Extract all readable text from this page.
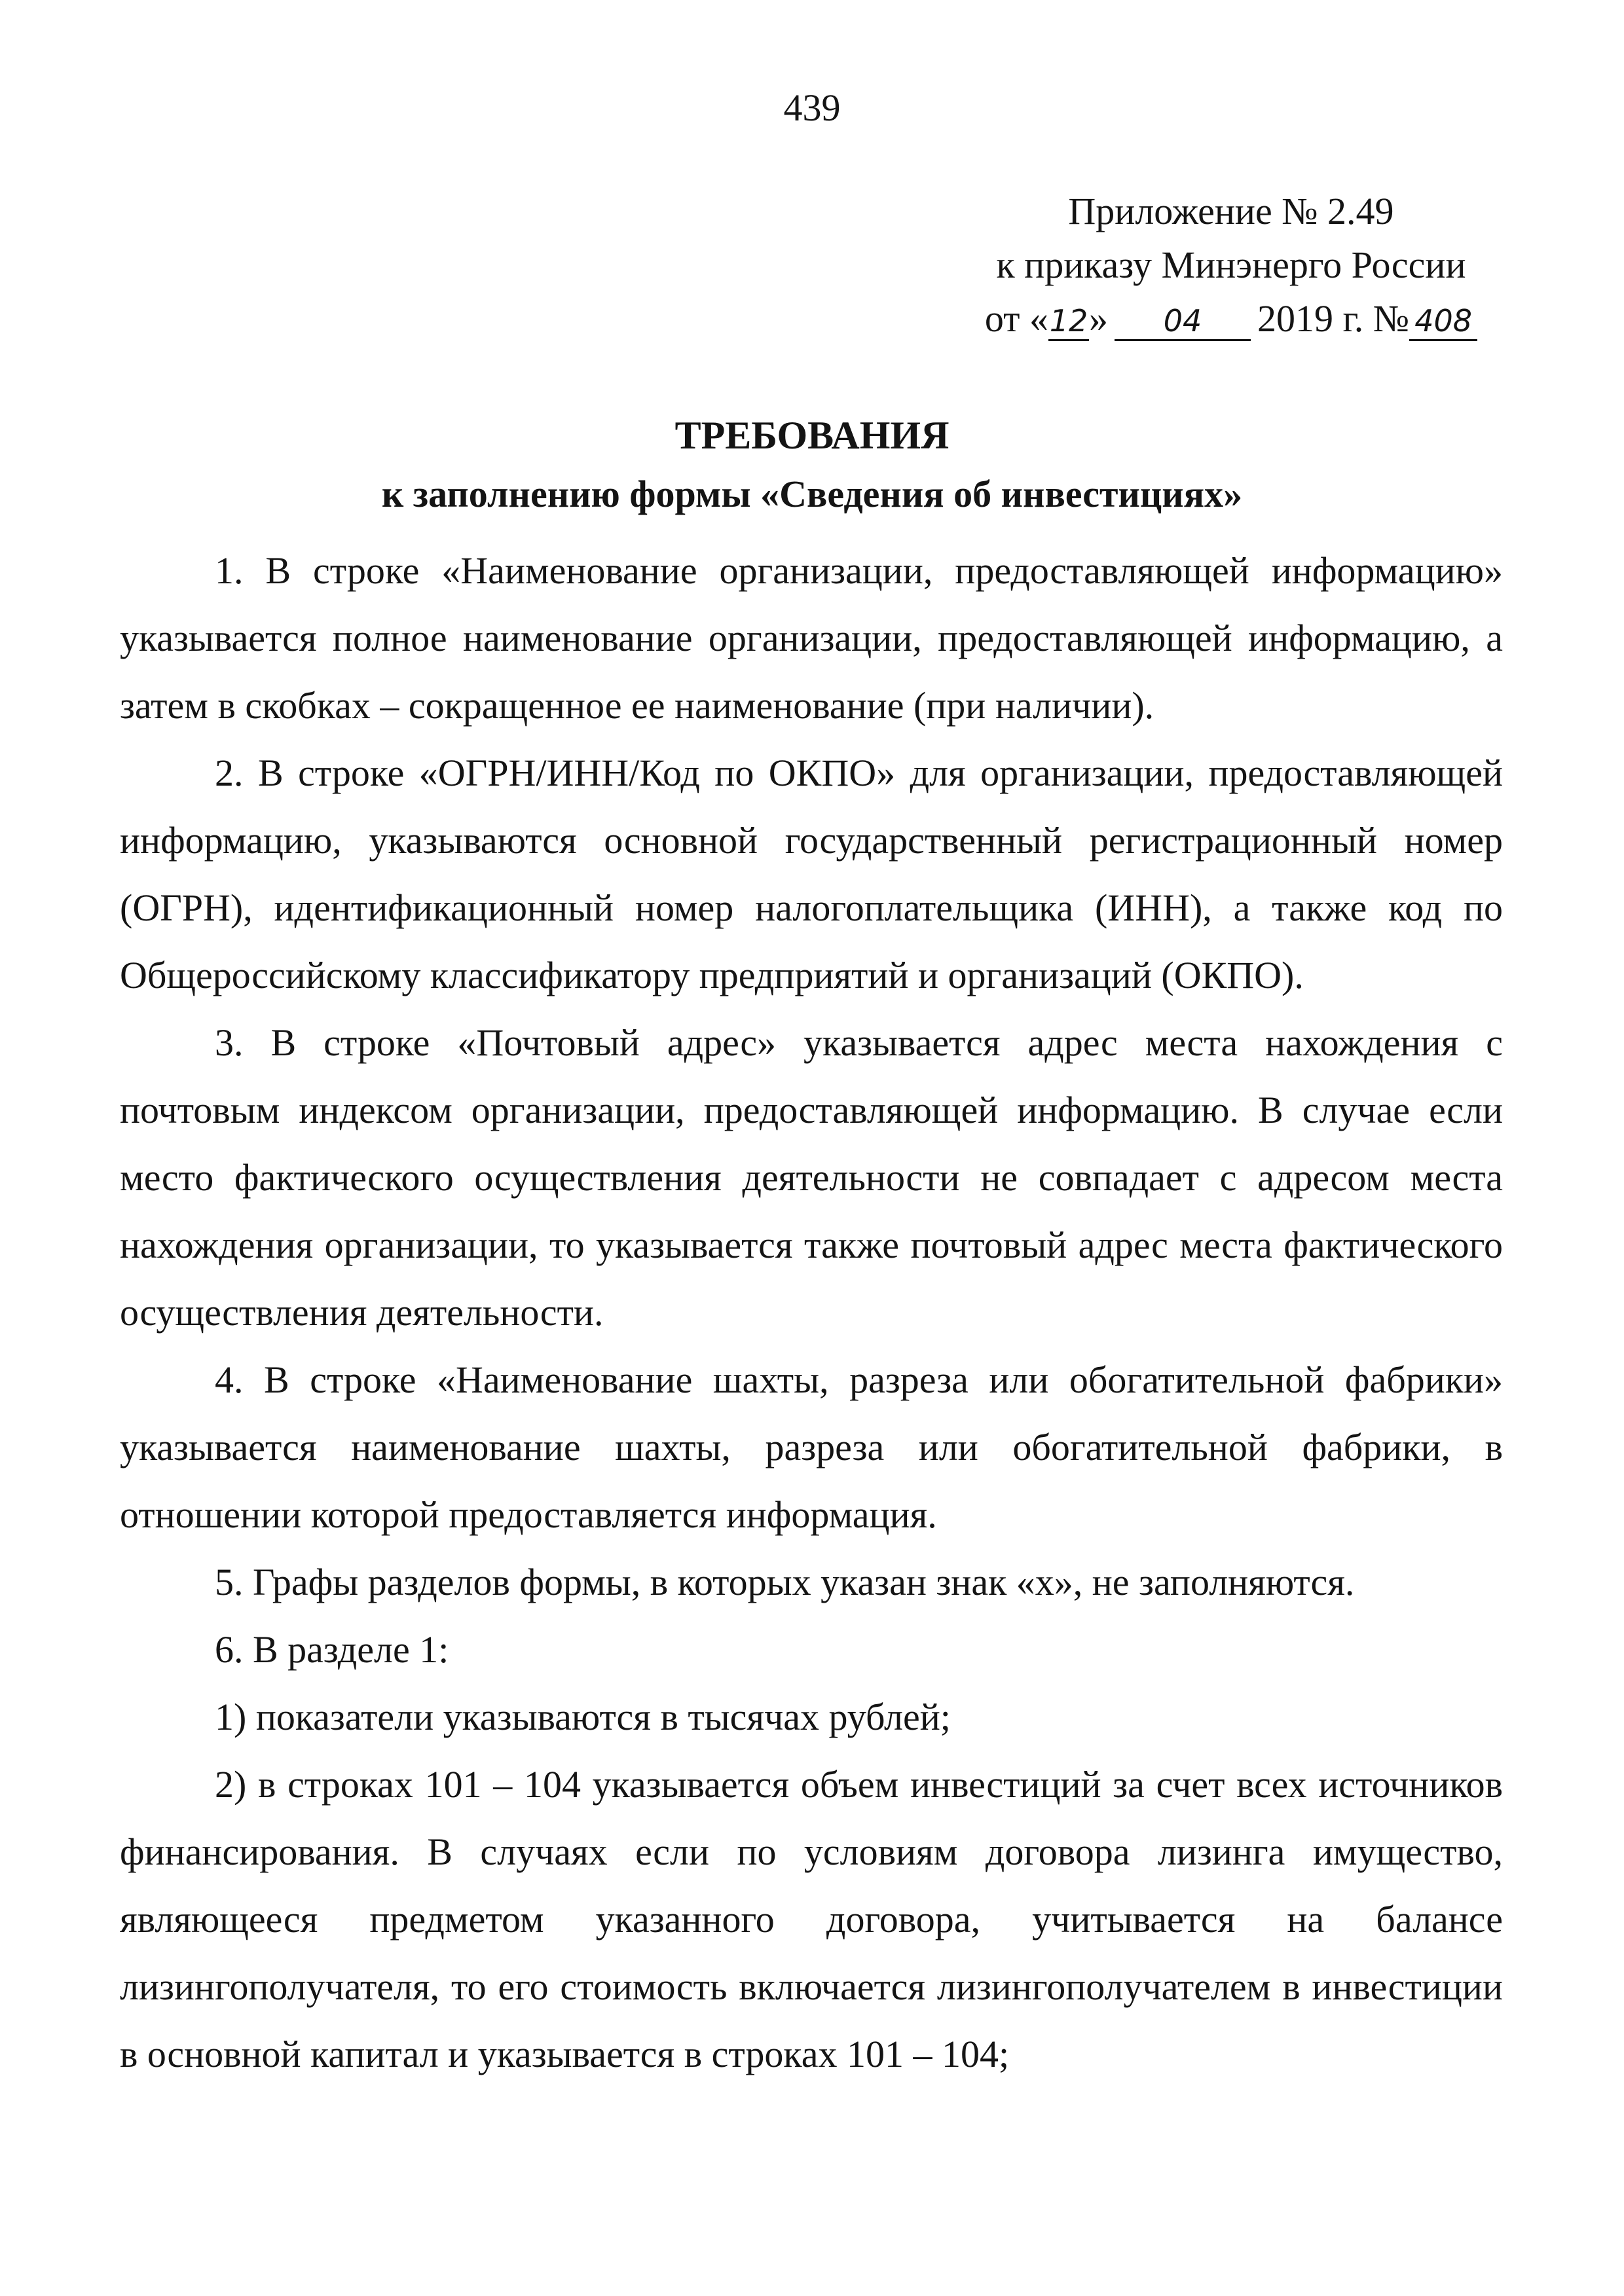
439
Приложение № 2.49
к приказу Минэнерго России
от «12» 04 2019 г. № 408
ТРЕБОВАНИЯ
к заполнению формы «Сведения об инвестициях»

1. В строке «Наименование организации, предоставляющей информацию» указывается полное наименование организации, предоставляющей информацию, а затем в скобках – сокращенное ее наименование (при наличии).

2. В строке «ОГРН/ИНН/Код по ОКПО» для организации, предоставляющей информацию, указываются основной государственный регистрационный номер (ОГРН), идентификационный номер налогоплательщика (ИНН), а также код по Общероссийскому классификатору предприятий и организаций (ОКПО).

3. В строке «Почтовый адрес» указывается адрес места нахождения с почтовым индексом организации, предоставляющей информацию. В случае если место фактического осуществления деятельности не совпадает с адресом места нахождения организации, то указывается также почтовый адрес места фактического осуществления деятельности.

4. В строке «Наименование шахты, разреза или обогатительной фабрики» указывается наименование шахты, разреза или обогатительной фабрики, в отношении которой предоставляется информация.

5. Графы разделов формы, в которых указан знак «х», не заполняются.

6. В разделе 1:

1) показатели указываются в тысячах рублей;

2) в строках 101 – 104 указывается объем инвестиций за счет всех источников финансирования. В случаях если по условиям договора лизинга имущество, являющееся предметом указанного договора, учитывается на балансе лизингополучателя, то его стоимость включается лизингополучателем в инвестиции в основной капитал и указывается в строках 101 – 104;
